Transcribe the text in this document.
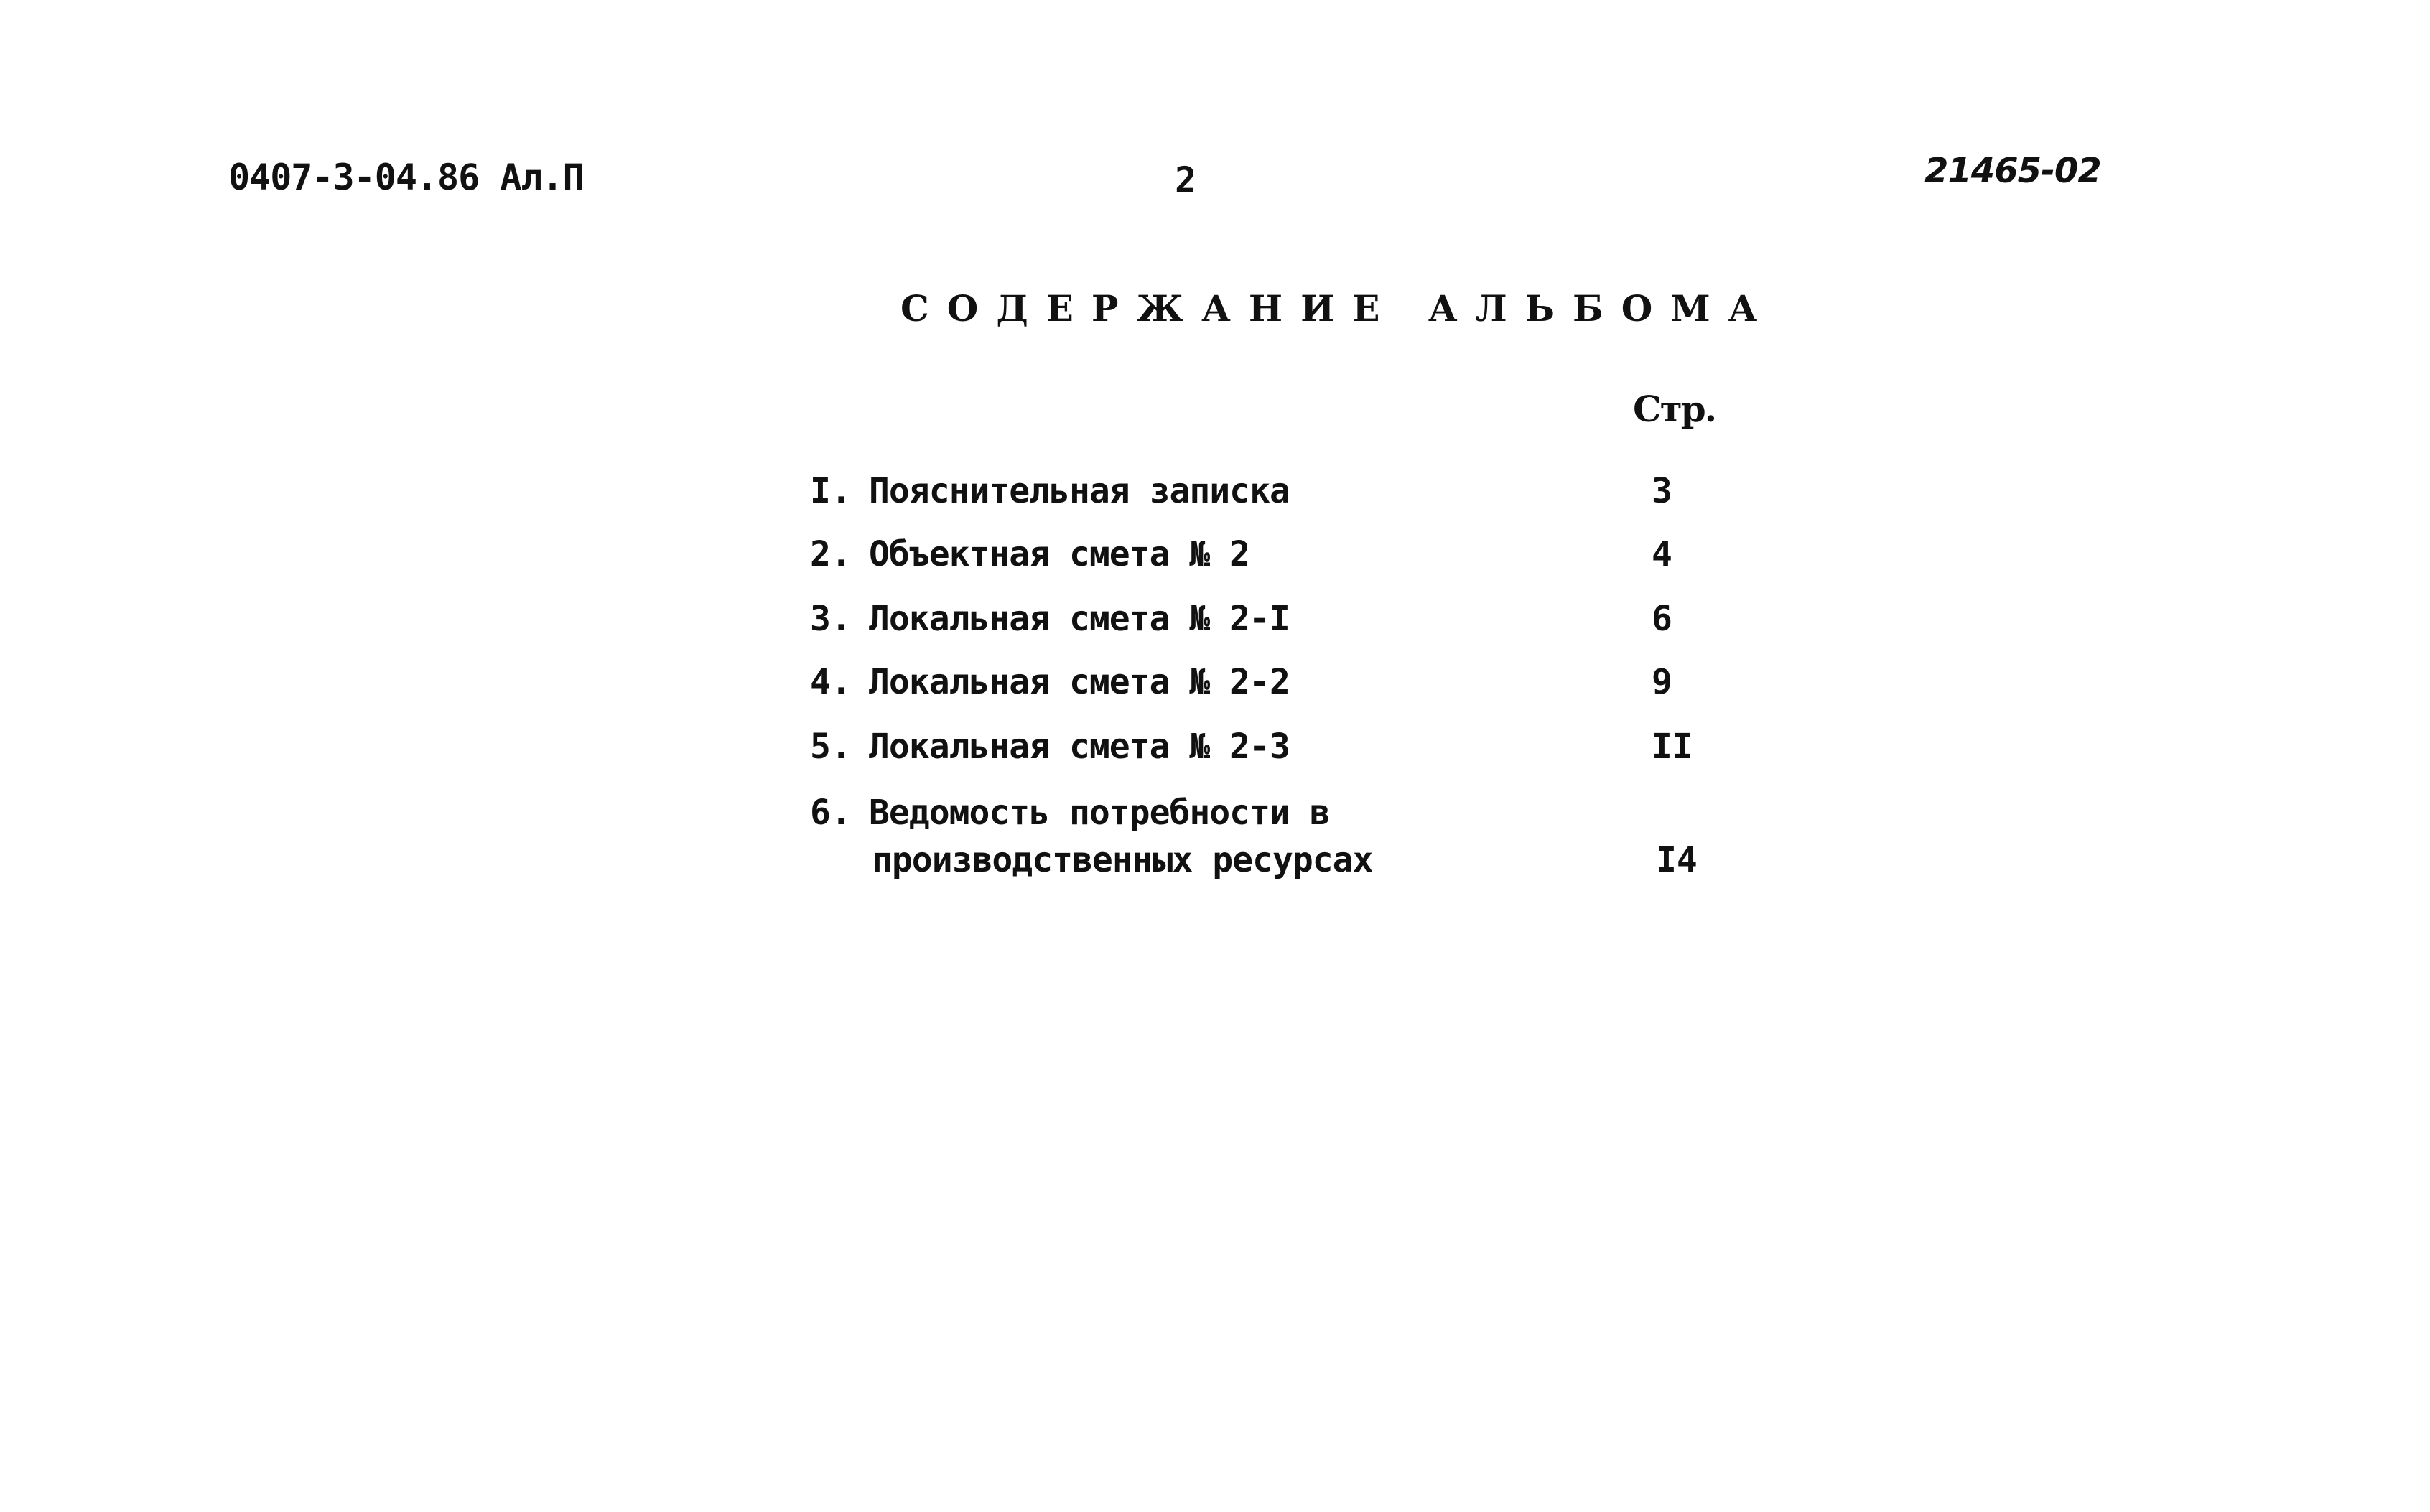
0407-3-04.86 Ал.П	2	21465-02
СОДЕРЖАНИЕ АЛЬБОМА
Стр.
I. Пояснительная записка	3
2. Объектная смета № 2	4
3. Локальная смета № 2-I	6
4. Локальная смета № 2-2	9
5. Локальная смета № 2-3	II
6. Ведомость потребности в
производственных ресурсах	I4
